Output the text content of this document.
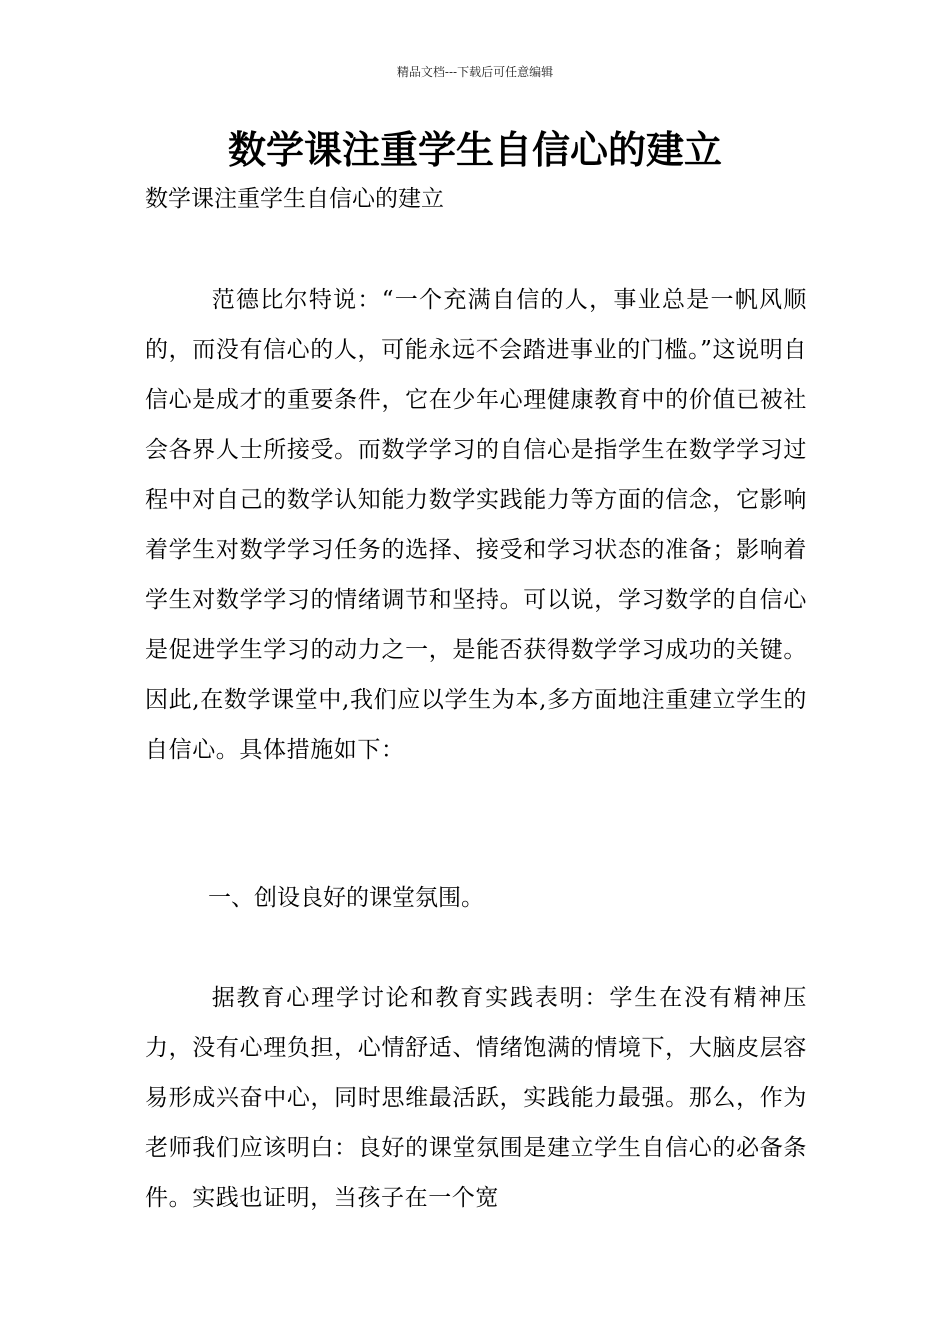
精品文档---下载后可任意编辑
数学课注重学生自信心的建立

数学课注重学生自信心的建立

范德比尔特说：“一个充满自信的人，事业总是一帆风顺的，而没有信心的人，可能永远不会踏进事业的门槛。”这说明自信心是成才的重要条件，它在少年心理健康教育中的价值已被社会各界人士所接受。而数学学习的自信心是指学生在数学学习过程中对自己的数学认知能力数学实践能力等方面的信念，它影响着学生对数学学习任务的选择、接受和学习状态的准备；影响着学生对数学学习的情绪调节和坚持。可以说，学习数学的自信心是促进学生学习的动力之一，是能否获得数学学习成功的关键。因此,在数学课堂中,我们应以学生为本,多方面地注重建立学生的自信心。具体措施如下：

一、创设良好的课堂氛围。

据教育心理学讨论和教育实践表明：学生在没有精神压力，没有心理负担，心情舒适、情绪饱满的情境下，大脑皮层容易形成兴奋中心，同时思维最活跃，实践能力最强。那么，作为老师我们应该明白：良好的课堂氛围是建立学生自信心的必备条件。实践也证明，当孩子在一个宽
